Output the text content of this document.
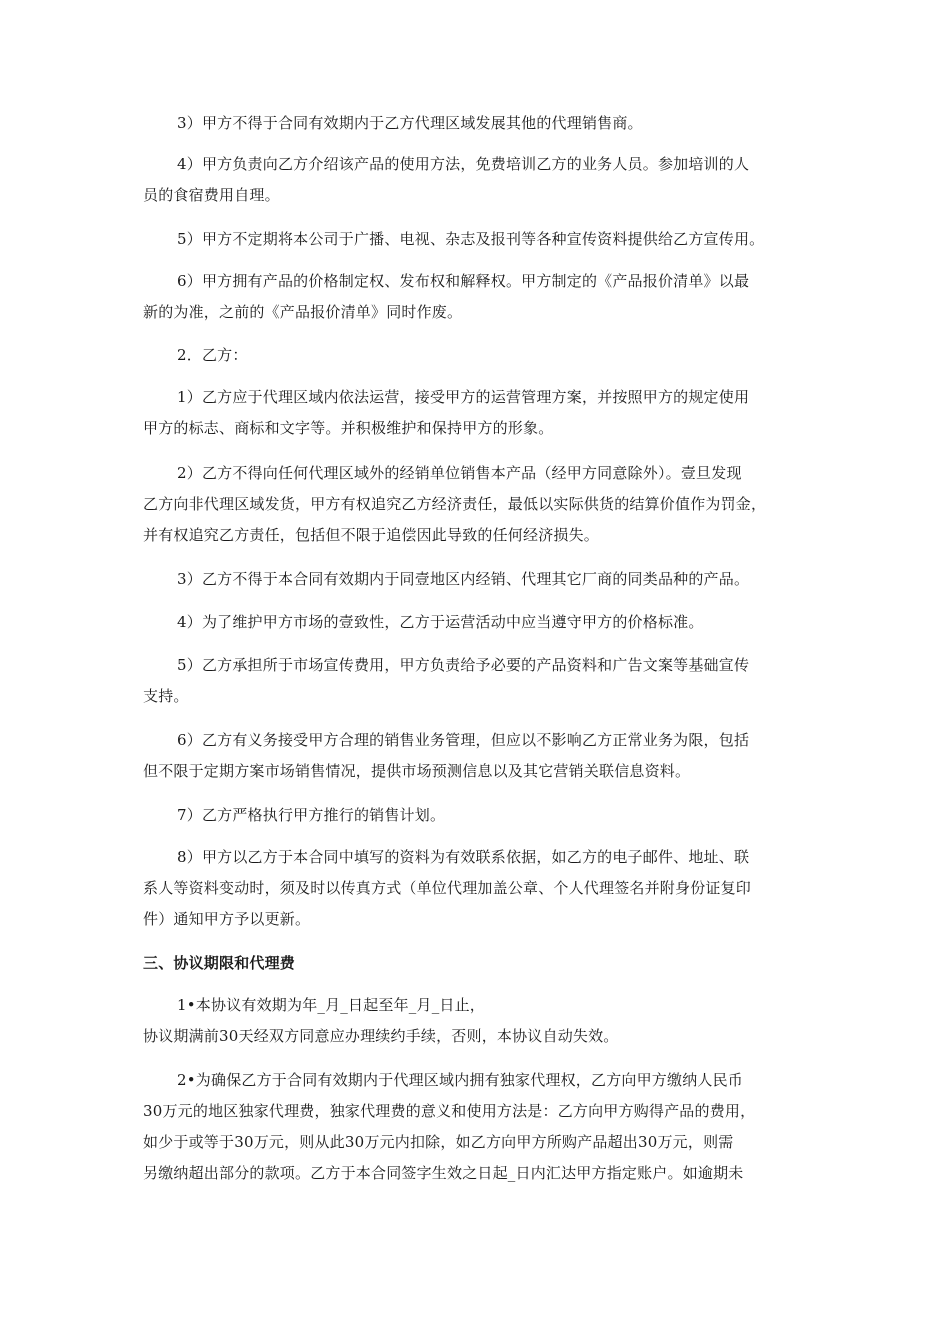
3）甲方不得于合同有效期内于乙方代理区域发展其他的代理销售商。
4）甲方负责向乙方介绍该产品的使用方法，免费培训乙方的业务人员。参加培训的人
员的食宿费用自理。
5）甲方不定期将本公司于广播、电视、杂志及报刊等各种宣传资料提供给乙方宣传用。
6）甲方拥有产品的价格制定权、发布权和解释权。甲方制定的《产品报价清单》以最
新的为准，之前的《产品报价清单》同时作废。
2．乙方：
1）乙方应于代理区域内依法运营，接受甲方的运营管理方案，并按照甲方的规定使用
甲方的标志、商标和文字等。并积极维护和保持甲方的形象。
2）乙方不得向任何代理区域外的经销单位销售本产品（经甲方同意除外）。壹旦发现
乙方向非代理区域发货，甲方有权追究乙方经济责任，最低以实际供货的结算价值作为罚金，
并有权追究乙方责任，包括但不限于追偿因此导致的任何经济损失。
3）乙方不得于本合同有效期内于同壹地区内经销、代理其它厂商的同类品种的产品。
4）为了维护甲方市场的壹致性，乙方于运营活动中应当遵守甲方的价格标准。
5）乙方承担所于市场宣传费用，甲方负责给予必要的产品资料和广告文案等基础宣传
支持。
6）乙方有义务接受甲方合理的销售业务管理，但应以不影响乙方正常业务为限，包括
但不限于定期方案市场销售情况，提供市场预测信息以及其它营销关联信息资料。
7）乙方严格执行甲方推行的销售计划。
8）甲方以乙方于本合同中填写的资料为有效联系依据，如乙方的电子邮件、地址、联
系人等资料变动时，须及时以传真方式（单位代理加盖公章、个人代理签名并附身份证复印
件）通知甲方予以更新。
三、协议期限和代理费
1•本协议有效期为年_月_日起至年_月_日止，
协议期满前30天经双方同意应办理续约手续，否则，本协议自动失效。
2•为确保乙方于合同有效期内于代理区域内拥有独家代理权，乙方向甲方缴纳人民币
30万元的地区独家代理费，独家代理费的意义和使用方法是：乙方向甲方购得产品的费用，
如少于或等于30万元，则从此30万元内扣除，如乙方向甲方所购产品超出30万元，则需
另缴纳超出部分的款项。乙方于本合同签字生效之日起_日内汇达甲方指定账户。如逾期未
